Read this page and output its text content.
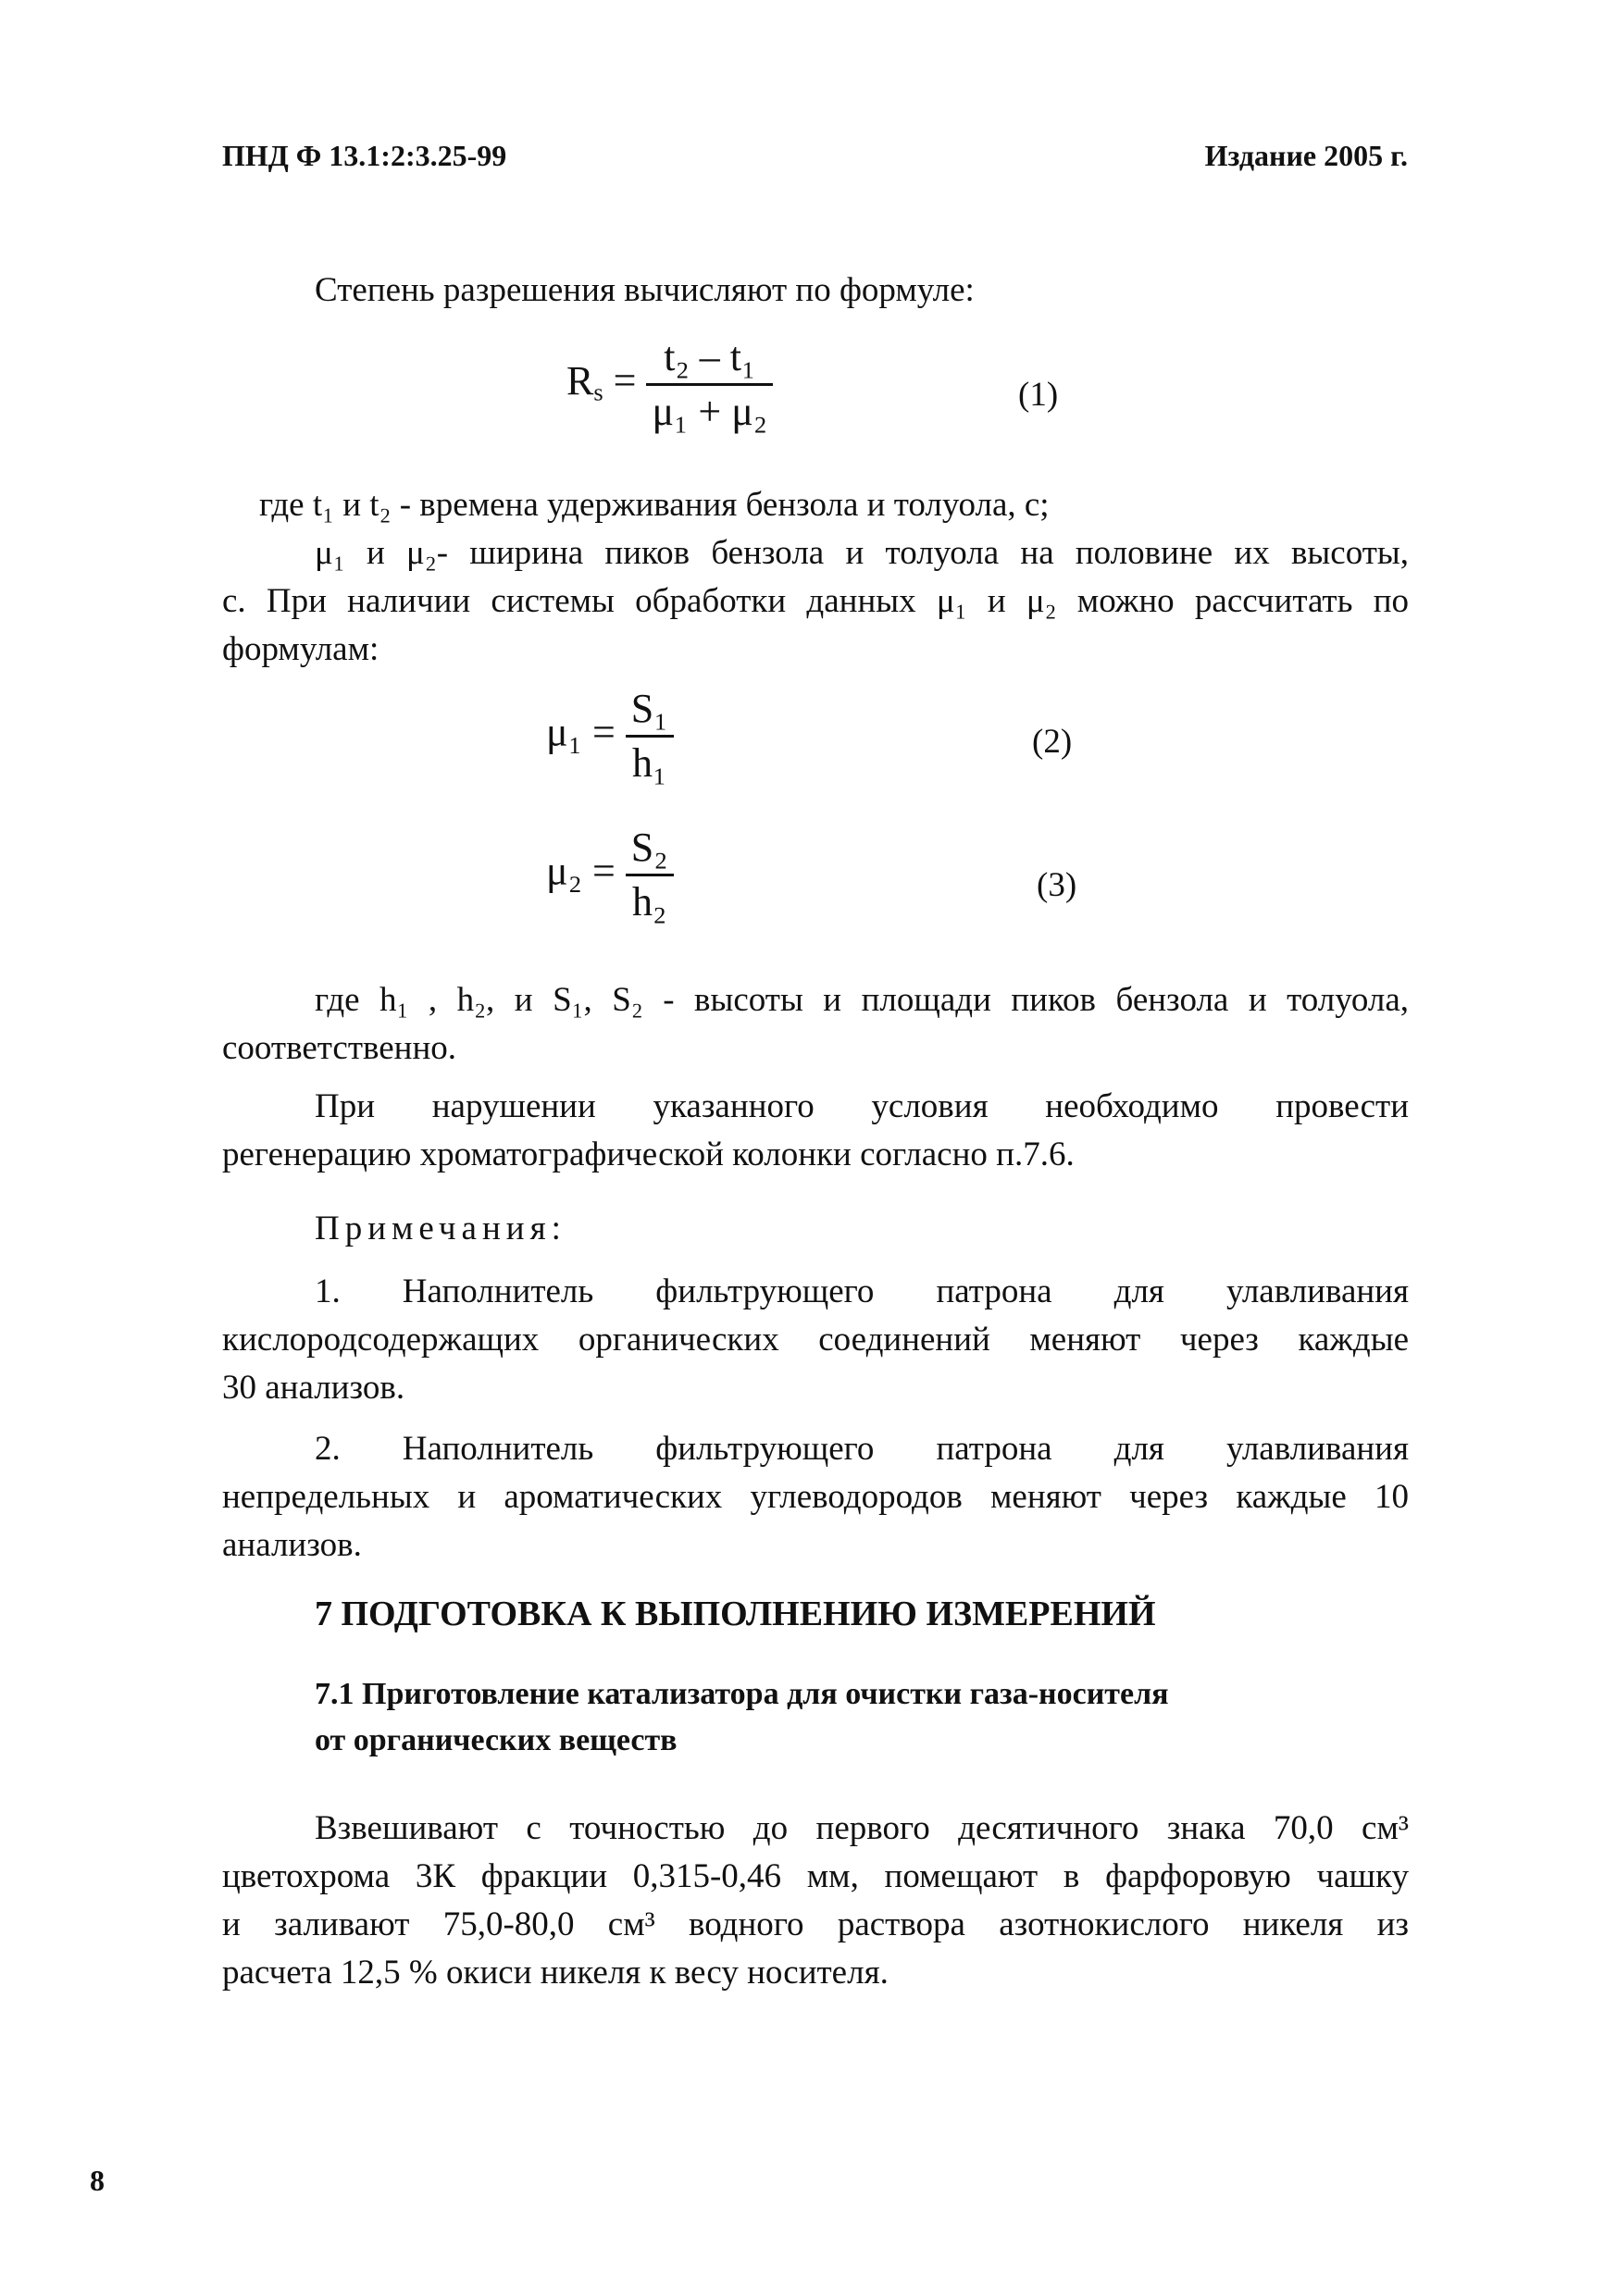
ПНД Ф 13.1:2:3.25-99	Издание 2005 г.
Степень разрешения вычисляют по формуле:
$R_s = \frac{\text{t₂ – t₁}}{\text{μ₁ + μ₂}}$	(1)
где t₁ и t₂ - времена удерживания бензола и толуола, с;
μ₁ и μ₂- ширина пиков бензола и толуола на половине их высоты,
с. При наличии системы обработки данных μ₁ и μ₂ можно рассчитать по
формулам:
$\mu_1 = \frac{\text{S₁}}{\text{h₁}}$	(2)
$\mu_2 = \frac{\text{S₂}}{\text{h₂}}$	(3)
где h₁ , h₂, и S₁, S₂ - высоты и площади пиков бензола и толуола,
соответственно.
При нарушении указанного условия необходимо провести
регенерацию хроматографической колонки согласно п.7.6.
Примечания:
1. Наполнитель фильтрующего патрона для улавливания
кислородсодержащих органических соединений меняют через каждые
30 анализов.
2. Наполнитель фильтрующего патрона для улавливания
непредельных и ароматических углеводородов меняют через каждые 10
анализов.
7 ПОДГОТОВКА К ВЫПОЛНЕНИЮ ИЗМЕРЕНИЙ
7.1 Приготовление катализатора для очистки газа-носителя
от органических веществ
Взвешивают с точностью до первого десятичного знака 70,0 см³
цветохрома 3К фракции 0,315-0,46 мм, помещают в фарфоровую чашку
и заливают 75,0-80,0 см³ водного раствора азотнокислого никеля из
расчета 12,5 % окиси никеля к весу носителя.
8
